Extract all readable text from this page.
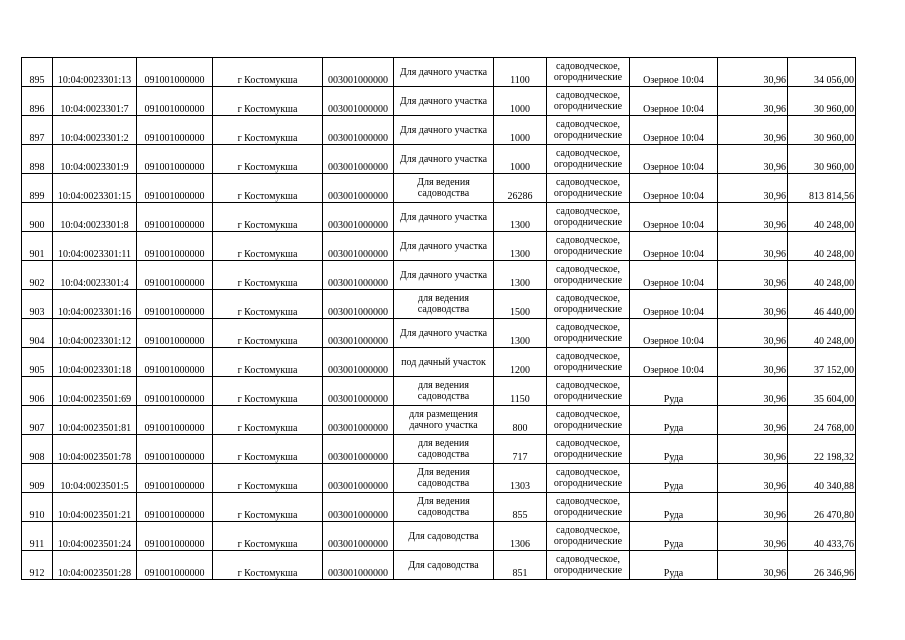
895	10:04:0023301:13	091001000000	г Костомукша	003001000000	Для дачного участка	1100	садоводческое,
огороднические	Озерное 10:04	30,96	34 056,00
896	10:04:0023301:7	091001000000	г Костомукша	003001000000	Для дачного участка	1000	садоводческое,
огороднические	Озерное 10:04	30,96	30 960,00
897	10:04:0023301:2	091001000000	г Костомукша	003001000000	Для дачного участка	1000	садоводческое,
огороднические	Озерное 10:04	30,96	30 960,00
898	10:04:0023301:9	091001000000	г Костомукша	003001000000	Для дачного участка	1000	садоводческое,
огороднические	Озерное 10:04	30,96	30 960,00
899	10:04:0023301:15	091001000000	г Костомукша	003001000000	Для ведения
садоводства	26286	садоводческое,
огороднические	Озерное 10:04	30,96	813 814,56
900	10:04:0023301:8	091001000000	г Костомукша	003001000000	Для дачного участка	1300	садоводческое,
огороднические	Озерное 10:04	30,96	40 248,00
901	10:04:0023301:11	091001000000	г Костомукша	003001000000	Для дачного участка	1300	садоводческое,
огороднические	Озерное 10:04	30,96	40 248,00
902	10:04:0023301:4	091001000000	г Костомукша	003001000000	Для дачного участка	1300	садоводческое,
огороднические	Озерное 10:04	30,96	40 248,00
903	10:04:0023301:16	091001000000	г Костомукша	003001000000	для ведения
садоводства	1500	садоводческое,
огороднические	Озерное 10:04	30,96	46 440,00
904	10:04:0023301:12	091001000000	г Костомукша	003001000000	Для дачного участка	1300	садоводческое,
огороднические	Озерное 10:04	30,96	40 248,00
905	10:04:0023301:18	091001000000	г Костомукша	003001000000	под дачный участок	1200	садоводческое,
огороднические	Озерное 10:04	30,96	37 152,00
906	10:04:0023501:69	091001000000	г Костомукша	003001000000	для ведения
садоводства	1150	садоводческое,
огороднические	Руда	30,96	35 604,00
907	10:04:0023501:81	091001000000	г Костомукша	003001000000	для размещения
дачного участка	800	садоводческое,
огороднические	Руда	30,96	24 768,00
908	10:04:0023501:78	091001000000	г Костомукша	003001000000	для ведения
садоводства	717	садоводческое,
огороднические	Руда	30,96	22 198,32
909	10:04:0023501:5	091001000000	г Костомукша	003001000000	Для ведения
садоводства	1303	садоводческое,
огороднические	Руда	30,96	40 340,88
910	10:04:0023501:21	091001000000	г Костомукша	003001000000	Для ведения
садоводства	855	садоводческое,
огороднические	Руда	30,96	26 470,80
911	10:04:0023501:24	091001000000	г Костомукша	003001000000	Для садоводства	1306	садоводческое,
огороднические	Руда	30,96	40 433,76
912	10:04:0023501:28	091001000000	г Костомукша	003001000000	Для садоводства	851	садоводческое,
огороднические	Руда	30,96	26 346,96
